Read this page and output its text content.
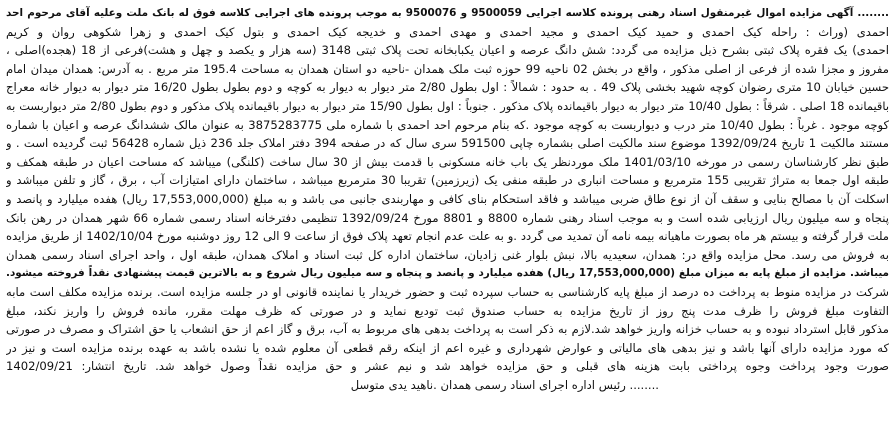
........ آگهی مزایده اموال غیرمنقول اسناد رهنی پرونده کلاسه اجرایی 9500059 و 9500076 به موجب پرونده های اجرایی کلاسه فوق له بانک ملت وعلیه آقای مرحوم احد
احمدی (وراث : راحله کیک احمدی و حمید کیک احمدی و مجید احمدی و مهدی احمدی و خدیجه کیک احمدی و بتول کیک احمدی و زهرا شکوهی روان و کریم
احمدی) یک فقره پلاک ثبتی بشرح ذیل مزایده می گردد: شش دانگ عرصه و اعیان یکبابخانه تحت پلاک ثبتی 3148 (سه هزار و یکصد و چهل و هشت)فرعی از 18 (هجده)اصلی ،
مفروز و مجزا شده از فرعی از اصلی مذکور ، واقع در بخش 02 ناحیه 99 حوزه ثبت ملک همدان -ناحیه دو استان همدان به مساحت 195.4 متر مربع . به آدرس: همدان میدان امام
حسین خیابان 10 متری رضوان کوچه شهید بخشی پلاک 49 . به حدود : شمالاً : اول بطول 2/80 متر دیوار به دیوار به کوچه و دوم بطول بطول 16/20 متر دیوار به دیوار خانه معراج
باقیمانده 18 اصلی . شرقاً : بطول 10/40 متر دیوار به دیوار باقیمانده پلاک مذکور . جنوباً : اول بطول 15/90 متر دیوار به دیوار باقیمانده پلاک مذکور و دوم بطول 2/80 متر دیواربست به
کوچه موجود . غرباً : بطول 10/40 متر درب و دیواربست به کوچه موجود .که بنام مرحوم احد احمدی با شماره ملی 3875283775 به عنوان مالک ششدانگ عرصه و اعیان با شماره
مستند مالکیت 1 تاریخ 1392/09/24 موضوع سند مالکیت اصلی بشماره چاپی 591500 سری سال که در صفحه 394 دفتر املاک جلد 236 ذیل شماره 56428 ثبت گردیده است . و
طبق نظر کارشناسان رسمی در مورخه 1401/03/10 ملک موردنظر یک باب خانه مسکونی با قدمت بیش از 30 سال ساخت (کلنگی) میباشد که مساحت اعیان در طبقه همکف و
طبقه اول جمعا به متراژ تقریبی 155 مترمربع و مساحت انباری در طبقه منفی یک (زیرزمین) تقریبا 30 مترمربع میباشد ، ساختمان دارای امتیازات آب ، برق ، گاز و تلفن میباشد و
اسکلت آن با مصالح بنایی و سقف آن از نوع طاق ضربی میباشد و فاقد استحکام بنای کافی و مهاربندی جانبی می باشد و به مبلغ (17,553,000,000 ریال) هفده میلیارد و پانصد و
پنجاه و سه میلیون ریال ارزیابی شده است و به موجب اسناد رهنی شماره 8800 و 8801 مورخ 1392/09/24 تنظیمی دفترخانه اسناد رسمی شماره 66 شهر همدان در رهن بانک
ملت قرار گرفته و بیستم هر ماه بصورت ماهیانه بیمه نامه آن تمدید می گردد .و به علت عدم انجام تعهد پلاک فوق از ساعت 9 الی 12 روز دوشنبه مورخ 1402/10/04 از طریق مزایده
به فروش می رسد. محل مزایده واقع در: همدان، سعیدیه بالا، نبش بلوار غنی زادیان، ساختمان اداره کل ثبت اسناد و املاک همدان، طبقه اول ، واحد اجرای اسناد رسمی همدان
میباشد. مزایده از مبلغ پایه به میزان مبلغ (17,553,000,000 ریال) هفده میلیارد و پانصد و پنجاه و سه میلیون ریال شروع و به بالاترین قیمت پیشنهادی نقداً فروخته میشود.
شرکت در مزایده منوط به پرداخت ده درصد از مبلغ پایه کارشناسی به حساب سپرده ثبت و حضور خریدار یا نماینده قانونی او در جلسه مزایده است. برنده مزایده مکلف است مابه
التفاوت مبلغ فروش را ظرف مدت پنج روز از تاریخ مزایده به حساب صندوق ثبت تودیع نماید و در صورتی که ظرف مهلت مقرر، مانده فروش را واریز نکند، مبلغ
مذکور قابل استرداد نبوده و به حساب خزانه واریز خواهد شد.لازم به ذکر است به پرداخت بدهی های مربوط به آب، برق و گاز اعم از حق انشعاب یا حق اشتراک و مصرف در صورتی
که مورد مزایده دارای آنها باشد و نیز بدهی های مالیاتی و عوارض شهرداری و غیره اعم از اینکه رقم قطعی آن معلوم شده یا نشده باشد به عهده برنده مزایده است و نیز در
صورت وجود پرداخت وجوه پرداختی بابت هزینه های قبلی و حق مزایده خواهد شد و نیم عشر و حق مزایده نقداً وصول خواهد شد. تاریخ انتشار: 1402/09/21
........ رئیس اداره اجرای اسناد رسمی همدان .ناهید یدی متوسل
